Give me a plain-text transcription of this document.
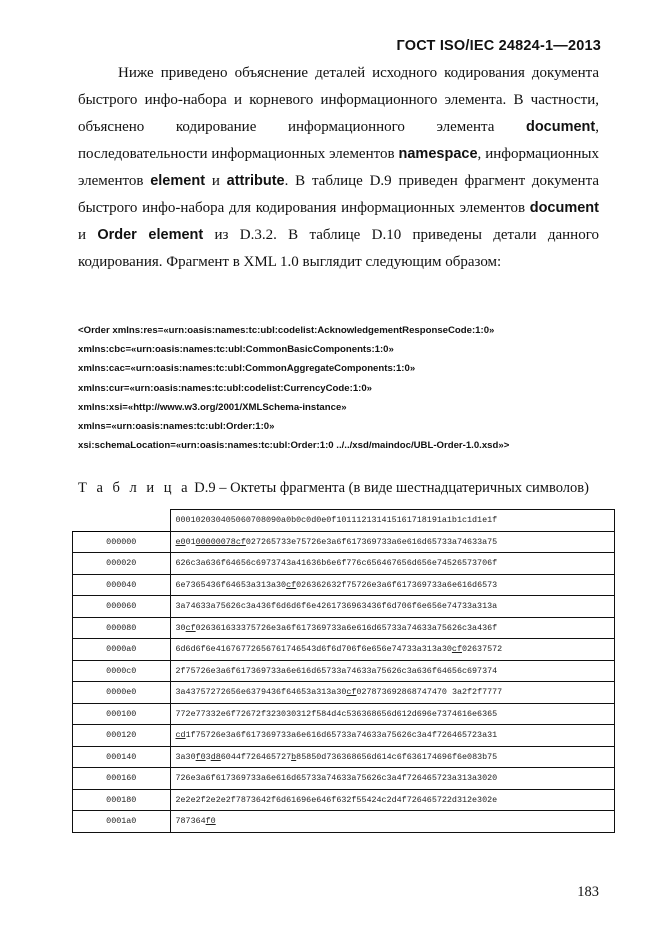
ГОСТ ISO/IEC 24824-1—2013

Ниже приведено объяснение деталей исходного кодирования документа быстрого инфо-набора и корневого информационного элемента. В частности, объяснено кодирование информационного элемента document, последовательности информационных элементов namespace, информационных элементов element и attribute. В таблице D.9 приведен фрагмент документа быстрого инфо-набора для кодирования информационных элементов document и Order element из D.3.2. В таблице D.10 приведены детали данного кодирования. Фрагмент в XML 1.0 выглядит следующим образом:

<Order xmlns:res=«urn:oasis:names:tc:ubl:codelist:AcknowledgementResponseCode:1:0»
xmlns:cbc=«urn:oasis:names:tc:ubl:CommonBasicComponents:1:0»
xmlns:cac=«urn:oasis:names:tc:ubl:CommonAggregateComponents:1:0»
xmlns:cur=«urn:oasis:names:tc:ubl:codelist:CurrencyCode:1:0»
xmlns:xsi=«http://www.w3.org/2001/XMLSchema-instance»
xmlns=«urn:oasis:names:tc:ubl:Order:1:0»
xsi:schemaLocation=«urn:oasis:names:tc:ubl:Order:1:0 ../../xsd/maindoc/UBL-Order-1.0.xsd»>
Т а б л и ц а D.9 – Октеты фрагмента (в виде шестнадцатеричных символов)
	000102030405060708090a0b0c0d0e0f101112131415161718191a1b1c1d1e1f
000000	e00100000078cf027265733e75726e3a6f617369733a6e616d65733a74633a75
000020	626c3a636f64656c6973743a41636b6e6f776c656467656d656e74526573706f
000040	6e7365436f64653a313a30cf026362632f75726e3a6f617369733a6e616d6573
000060	3a74633a75626c3a436f6d6d6f6e4261736963436f6d706f6e656e74733a313a
000080	30cf026361633375726e3a6f617369733a6e616d65733a74633a75626c3a436f
0000a0	6d6d6f6e41676772656761746543d6f6d706f6e656e74733a313a30cf02637572
0000c0	2f75726e3a6f617369733a6e616d65733a74633a75626c3a636f64656c697374
0000e0	3a43757272656e6379436f64653a313a30cf027873692868747470 3a2f2f7777
000100	772e77332e6f72672f323030312f584d4c536368656d612d696e7374616e6365
000120	cd1f75726e3a6f617369733a6e616d65733a74633a75626c3a4f726465723a31
000140	3a30f03d86044f726465727b85850d736368656d614c6f636174696f6e083b75
000160	726e3a6f617369733a6e616d65733a74633a75626c3a4f726465723a313a3020
000180	2e2e2f2e2e2f7873642f6d61696e646f632f55424c2d4f726465722d312e302e
0001a0	787364f0
183
